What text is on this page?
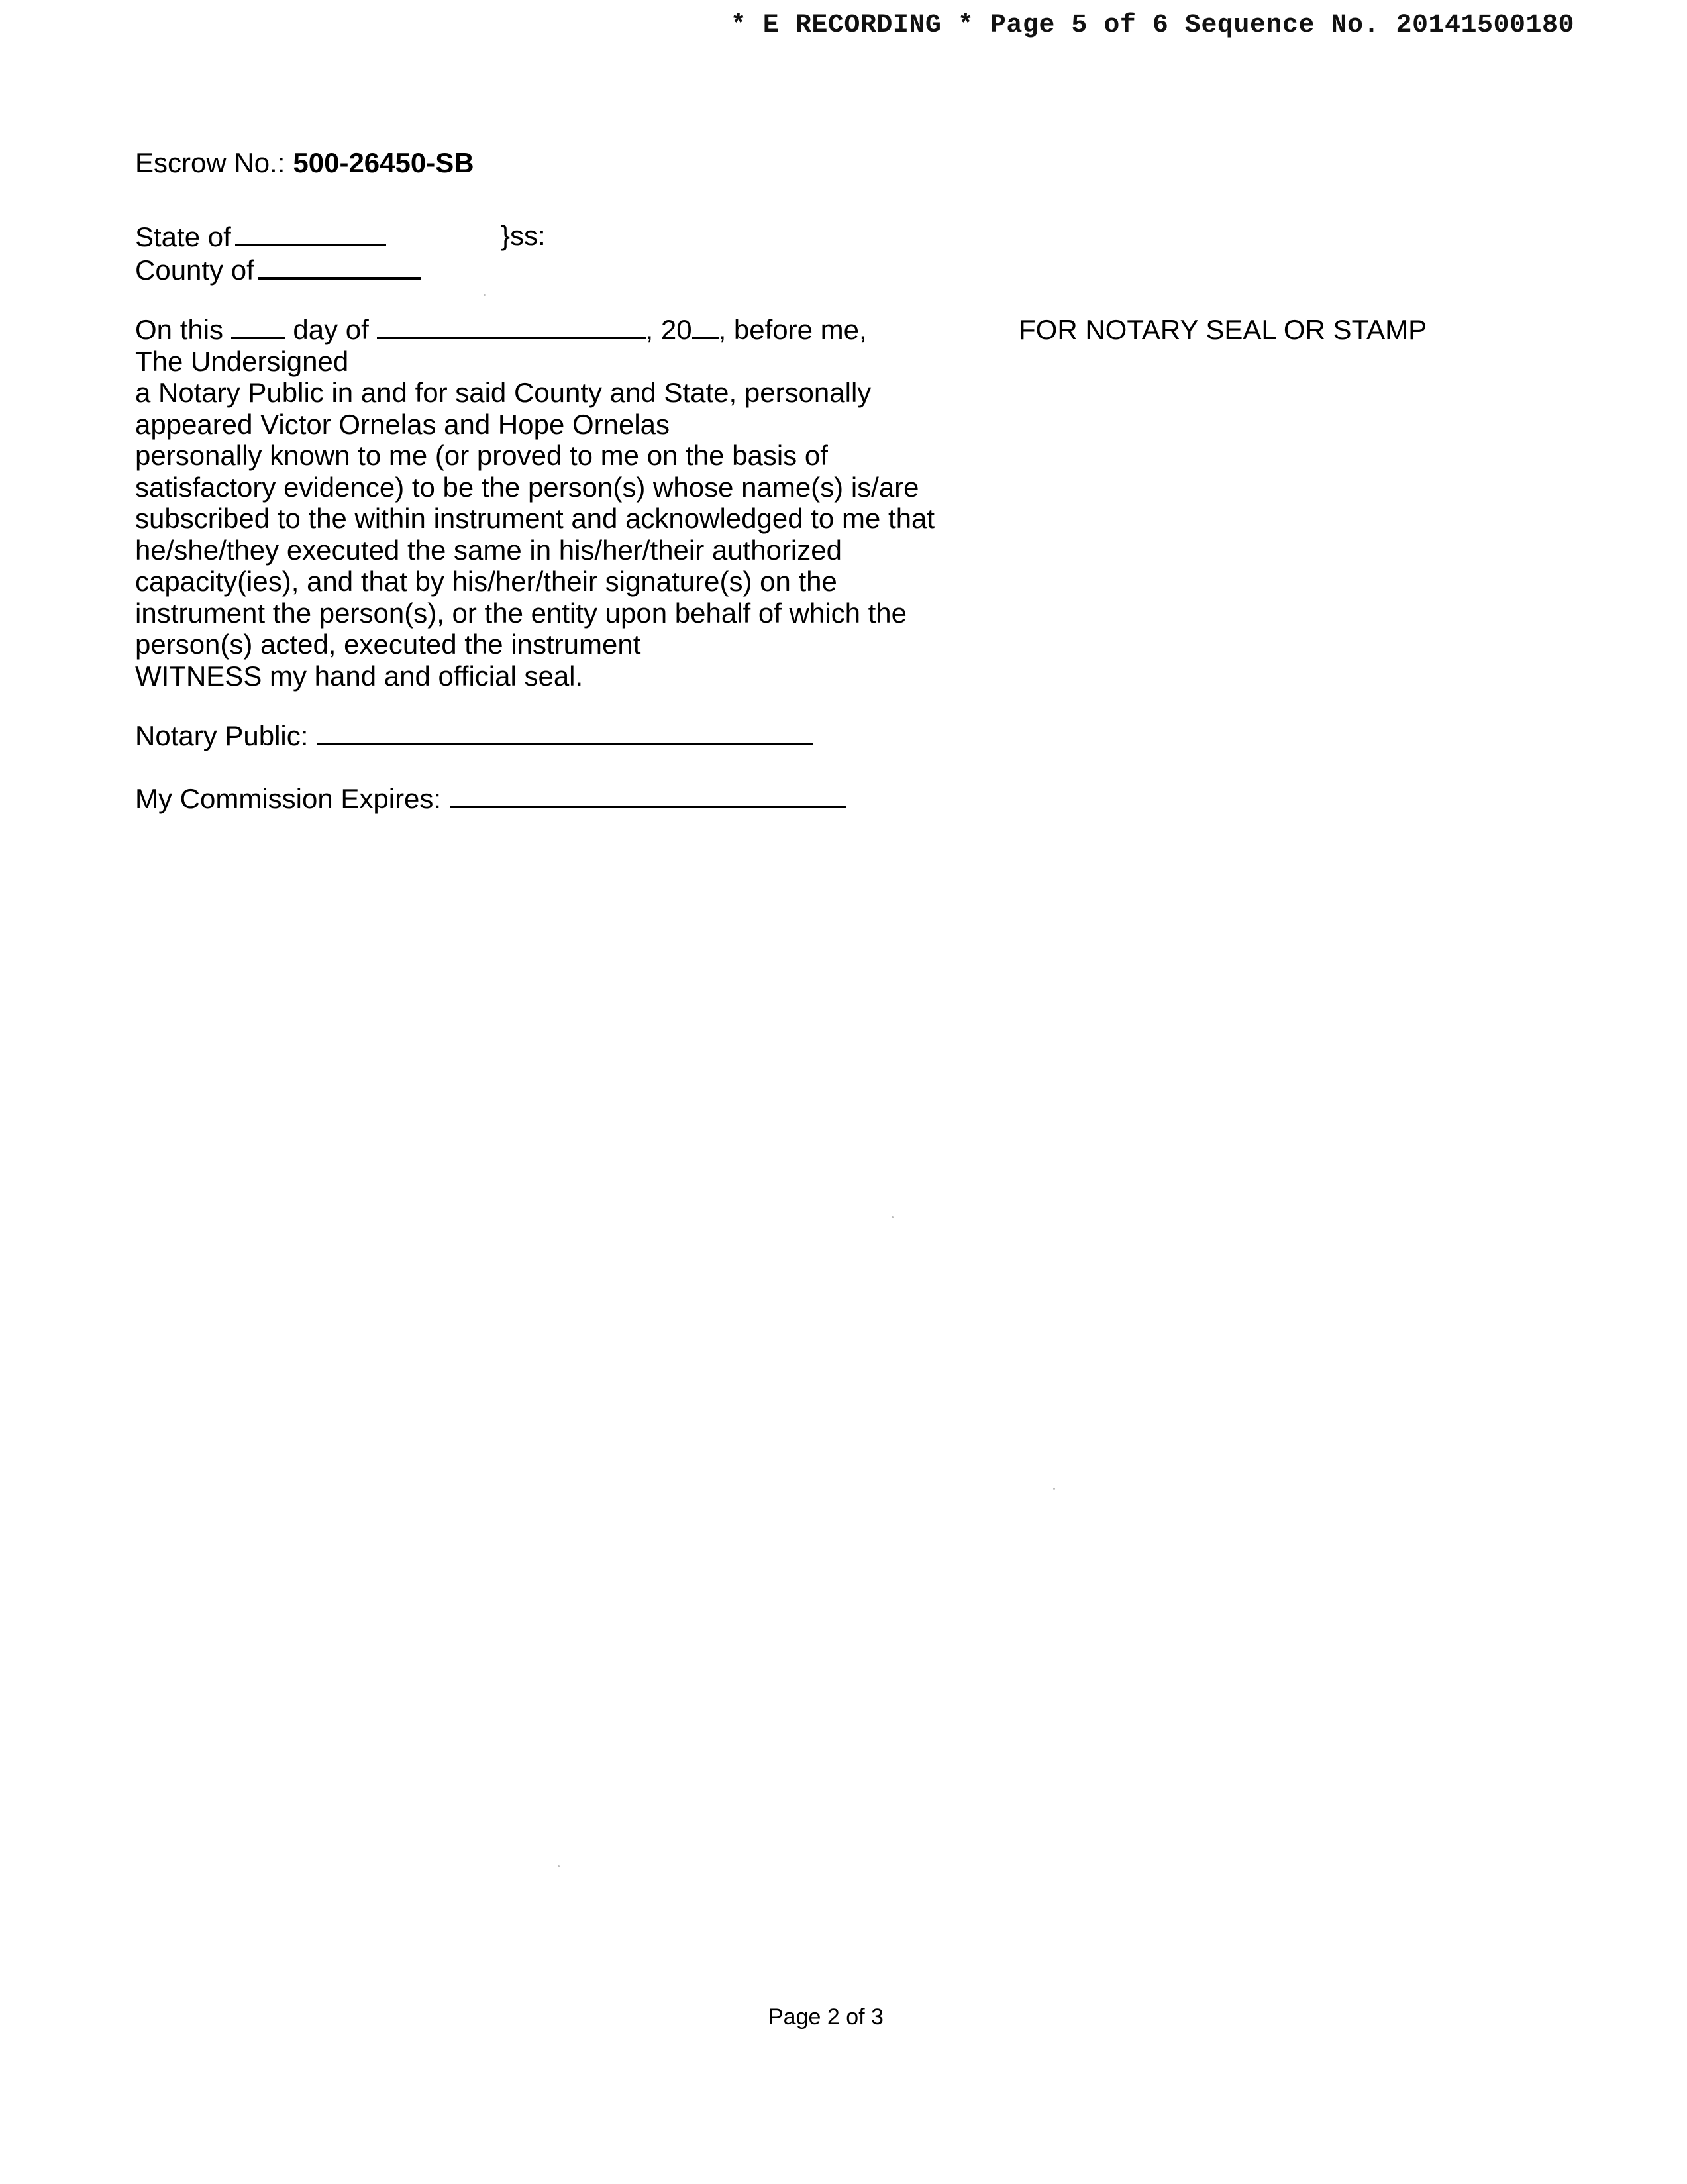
* E RECORDING * Page 5 of 6 Sequence No. 20141500180
Escrow No.: 500-26450-SB
State of
County of
}ss:

On this	day of	, 20 , before me,

The Undersigned

a Notary Public in and for said County and State, personally

appeared Victor Ornelas and Hope Ornelas

personally known to me (or proved to me on the basis of

satisfactory evidence) to be the person(s) whose name(s) is/are

subscribed to the within instrument and acknowledged to me that

he/she/they executed the same in his/her/their authorized

capacity(ies), and that by his/her/their signature(s) on the

instrument the person(s), or the entity upon behalf of which the

person(s) acted, executed the instrument

WITNESS my hand and official seal.

FOR NOTARY SEAL OR STAMP
Notary Public:
My Commission Expires:
Page 2 of 3
